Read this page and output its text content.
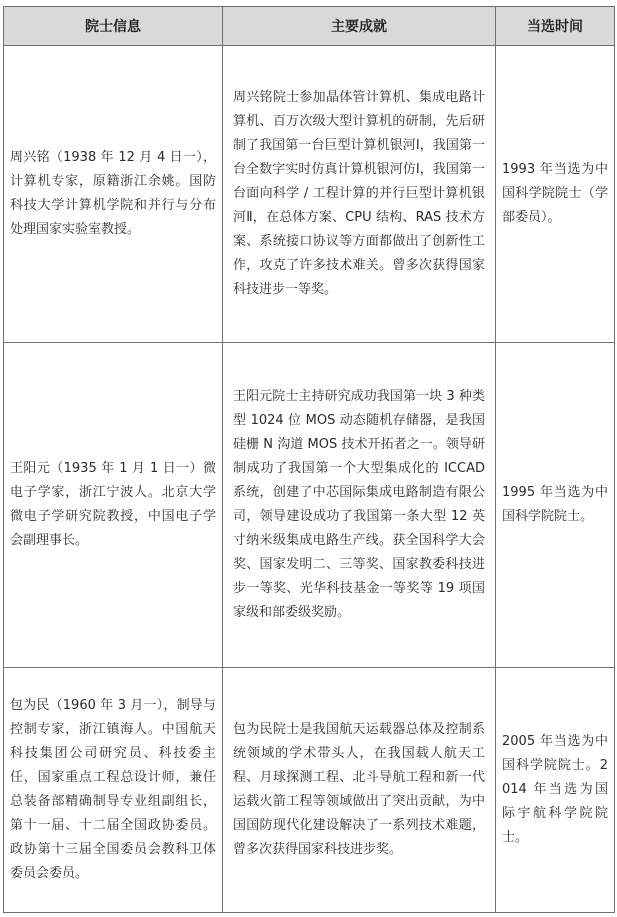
院士信息	主要成就	当选时间

周兴铭（1938 年 12 月 4 日一），计算机专家，原籍浙江余姚。国防科技大学计算机学院和并行与分布处理国家实验室教授。	周兴铭院士参加晶体管计算机、集成电路计算机、百万次级大型计算机的研制，先后研制了我国第一台巨型计算机银河Ⅰ，我国第一台全数字实时仿真计算机银河仿Ⅰ，我国第一台面向科学 / 工程计算的并行巨型计算机银河Ⅱ，在总体方案、CPU 结构、RAS 技术方案、系统接口协议等方面都做出了创新性工作，攻克了许多技术难关。曾多次获得国家科技进步一等奖。	1993 年当选为中国科学院院士（学部委员）。

王阳元（1935 年 1 月 1 日一）微电子学家，浙江宁波人。北京大学微电子学研究院教授，中国电子学会副理事长。	王阳元院士主持研究成功我国第一块 3 种类型 1024 位 MOS 动态随机存储器，是我国硅栅 N 沟道 MOS 技术开拓者之一。领导研制成功了我国第一个大型集成化的 ICCAD 系统，创建了中芯国际集成电路制造有限公司，领导建设成功了我国第一条大型 12 英寸纳米级集成电路生产线。获全国科学大会奖、国家发明二、三等奖、国家教委科技进步一等奖、光华科技基金一等奖等 19 项国家级和部委级奖励。	1995 年当选为中国科学院院士。

包为民（1960 年 3 月一），制导与控制专家，浙江镇海人。中国航天科技集团公司研究员、科技委主任，国家重点工程总设计师，兼任总装备部精确制导专业组副组长，第十一届、十二届全国政协委员。政协第十三届全国委员会教科卫体委员会委员。	包为民院士是我国航天运载器总体及控制系统领域的学术带头人，在我国载人航天工程、月球探测工程、北斗导航工程和新一代运载火箭工程等领域做出了突出贡献，为中国国防现代化建设解决了一系列技术难题，曾多次获得国家科技进步奖。	2005 年当选为中国科学院院士。2014 年当选为国际宇航科学院院士。
